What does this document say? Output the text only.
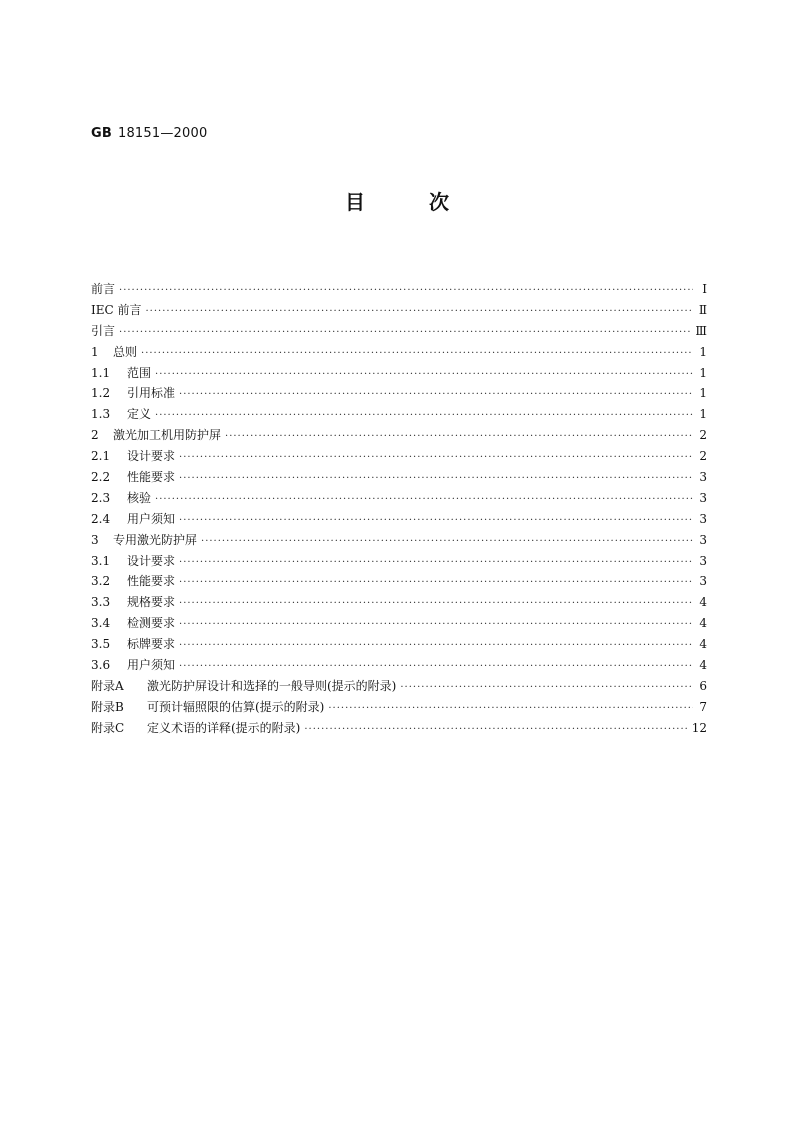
GB 18151—2000
目	次
前言 ·····	Ⅰ
IEC 前言 ·····	Ⅱ
引言 ·····	Ⅲ
1	总则 ·····	1
1.1	范围 ·····	1
1.2	引用标准 ·····	1
1.3	定义 ·····	1
2	激光加工机用防护屏 ·····	2
2.1	设计要求 ·····	2
2.2	性能要求 ·····	3
2.3	核验 ·····	3
2.4	用户须知 ·····	3
3	专用激光防护屏 ·····	3
3.1	设计要求 ·····	3
3.2	性能要求 ·····	3
3.3	规格要求 ·····	4
3.4	检测要求 ·····	4
3.5	标牌要求 ·····	4
3.6	用户须知 ·····	4
附录A	激光防护屏设计和选择的一般导则(提示的附录) ·····	6
附录B	可预计辐照限的估算(提示的附录) ·····	7
附录C	定义术语的详释(提示的附录) ·····	12
